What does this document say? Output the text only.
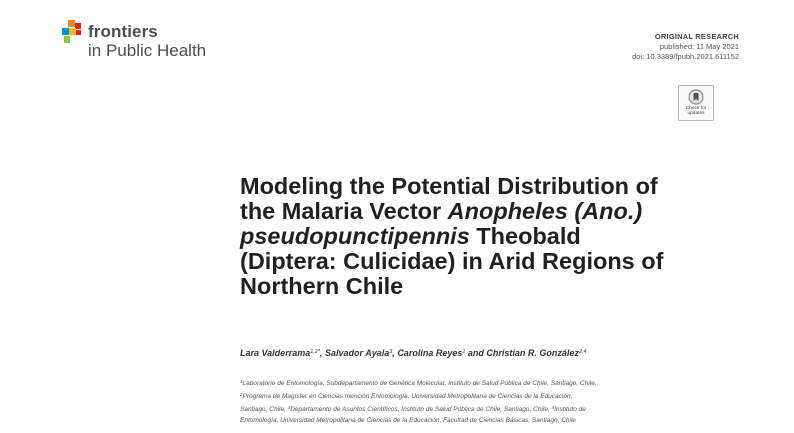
frontiers
in Public Health
ORIGINAL RESEARCH
published: 11 May 2021
doi: 10.3389/fpubh.2021.611152
Check for
updates
Modeling the Potential Distribution of
the Malaria Vector Anopheles (Ano.)
pseudopunctipennis Theobald
(Diptera: Culicidae) in Arid Regions of
Northern Chile
Lara Valderrama$^{1,2*}$, Salvador Ayala$^3$, Carolina Reyes$^1$ and Christian R. González$^{2,4}$
$^1$Laboratorio de Entomología, Subdepartamento de Genética Molecular, Instituto de Salud Pública de Chile, Santiago, Chile,
$^2$Programa de Magíster en Ciencias mención Entomología, Universidad Metropolitana de Ciencias de la Educación,
Santiago, Chile, $^3$Departamento de Asuntos Científicos, Instituto de Salud Pública de Chile, Santiago, Chile, $^4$Instituto de
Entomología, Universidad Metropolitana de Ciencias de la Educación, Facultad de Ciencias Básicas, Santiago, Chile
